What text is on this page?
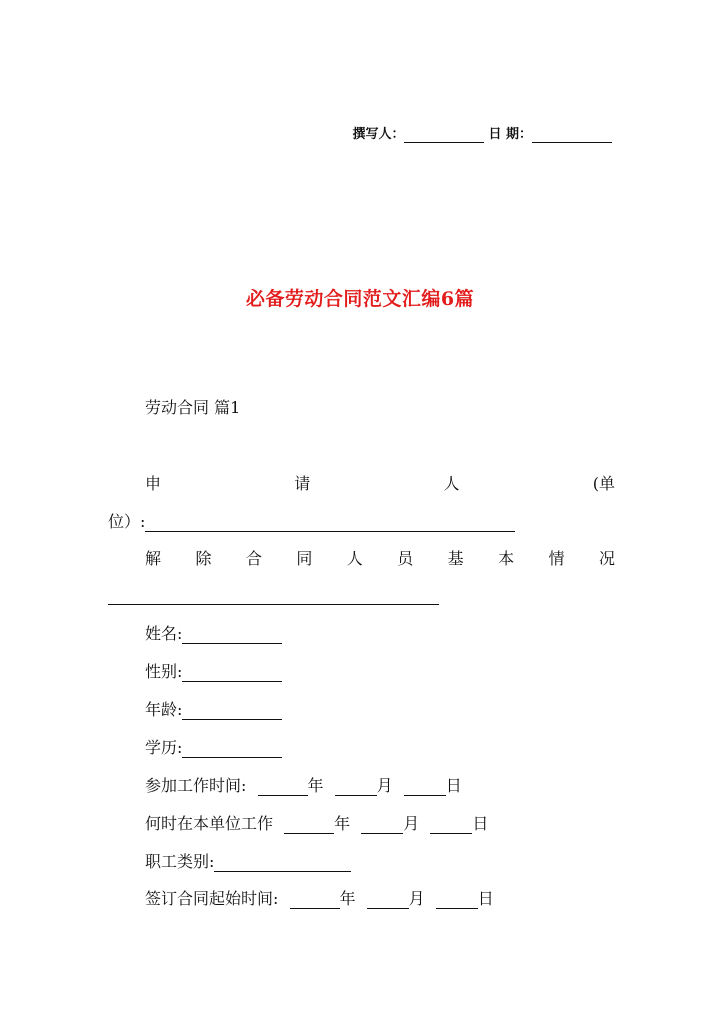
撰写人：	日 期：
必备劳动合同范文汇编6篇
劳动合同 篇1
申	请	人	(单
位）:
解 除 合 同 人 员 基 本 情 况
姓名:
性别:
年龄:
学历:
参加工作时间:	年	月	日
何时在本单位工作	年	月	日
职工类别:
签订合同起始时间:	年	月	日
